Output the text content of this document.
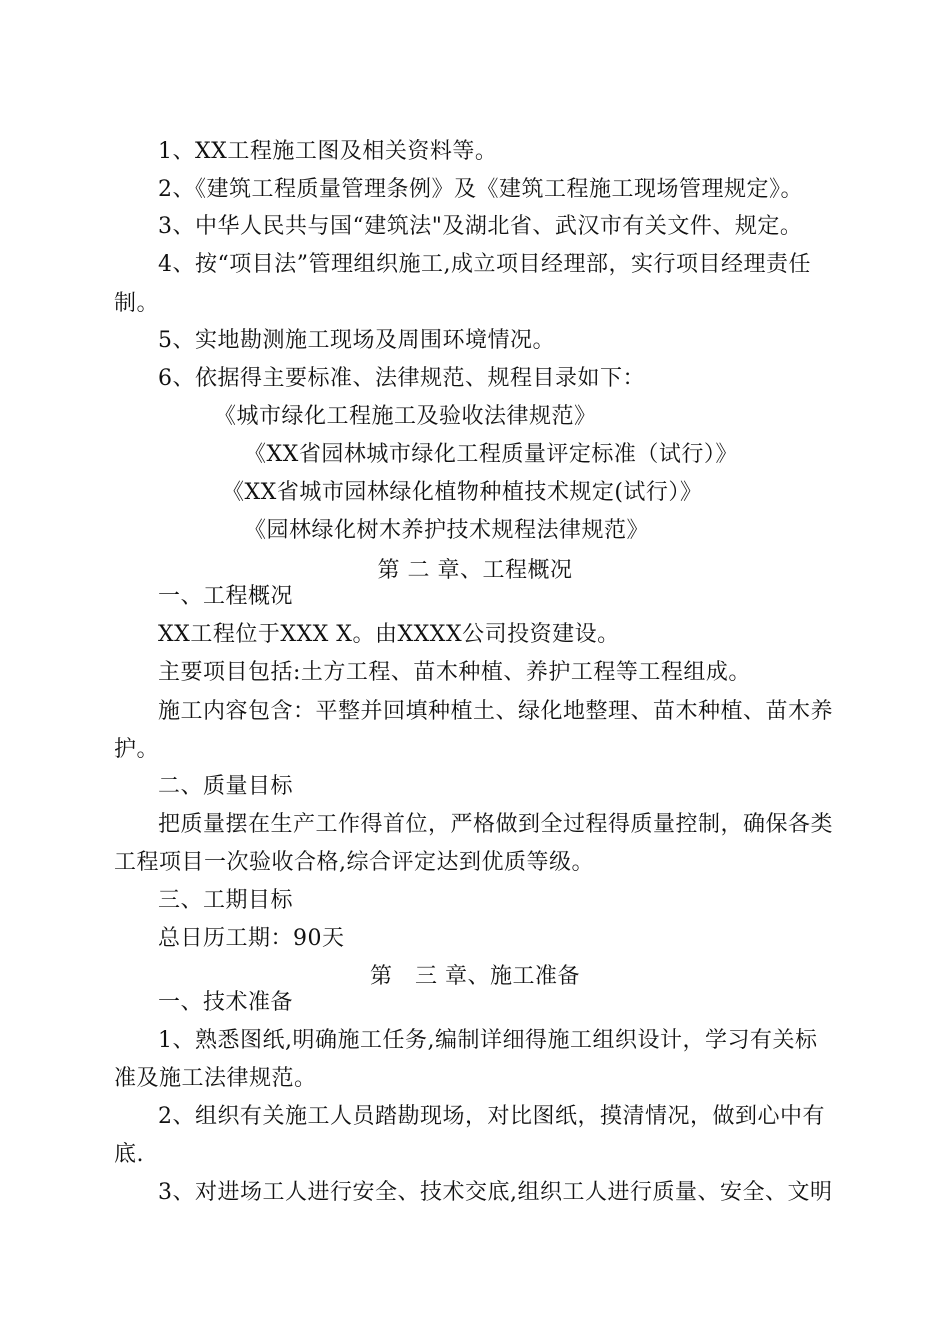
1、XX工程施工图及相关资料等。
2、《建筑工程质量管理条例》及《建筑工程施工现场管理规定》。
3、中华人民共与国“建筑法"及湖北省、武汉市有关文件、规定。
4、按“项目法”管理组织施工,成立项目经理部，实行项目经理责任
制。
5、实地勘测施工现场及周围环境情况。
6、依据得主要标准、法律规范、规程目录如下：
《城市绿化工程施工及验收法律规范》
《XX省园林城市绿化工程质量评定标准（试行）》
《XX省城市园林绿化植物种植技术规定(试行）》
《园林绿化树木养护技术规程法律规范》
第 二 章、工程概况
一、工程概况
XX工程位于XXX X。由XXXX公司投资建设。
主要项目包括:土方工程、苗木种植、养护工程等工程组成。
施工内容包含：平整并回填种植土、绿化地整理、苗木种植、苗木养
护。
二、质量目标
把质量摆在生产工作得首位，严格做到全过程得质量控制，确保各类
工程项目一次验收合格,综合评定达到优质等级。
三、工期目标
总日历工期：90天
第　三 章、施工准备
一、技术准备
1、熟悉图纸,明确施工任务,编制详细得施工组织设计，学习有关标
准及施工法律规范。
2、组织有关施工人员踏勘现场，对比图纸，摸清情况，做到心中有
底.
3、对进场工人进行安全、技术交底,组织工人进行质量、安全、文明
